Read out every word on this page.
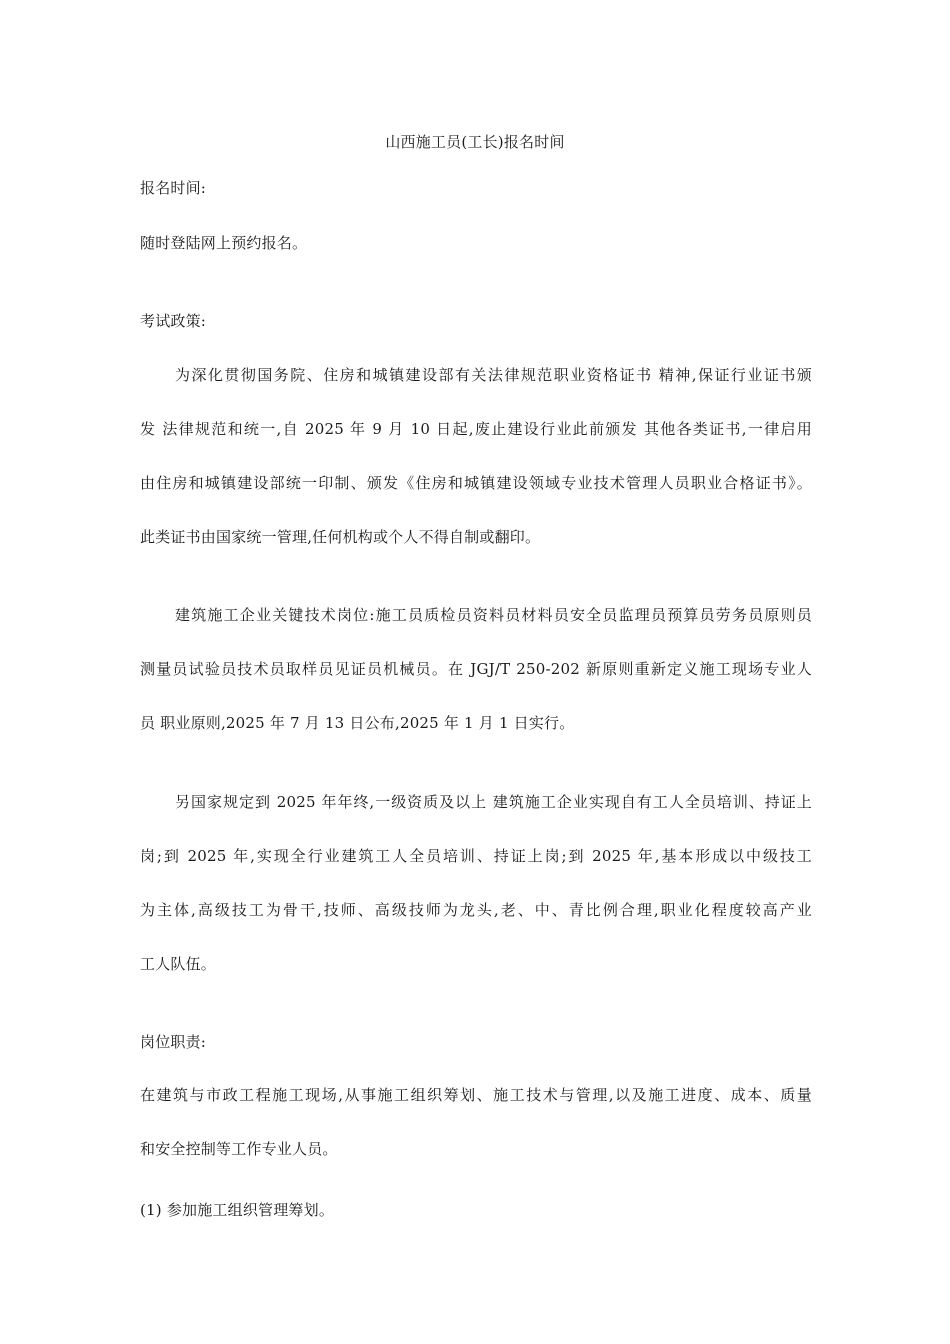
山西施工员(工长)报名时间
报名时间:
随时登陆网上预约报名。
考试政策:
为深化贯彻国务院、住房和城镇建设部有关法律规范职业资格证书 精神,保证行业证书颁
发 法律规范和统一,自 2025 年 9 月 10 日起,废止建设行业此前颁发 其他各类证书,一律启用
由住房和城镇建设部统一印制、颁发《住房和城镇建设领域专业技术管理人员职业合格证书》。
此类证书由国家统一管理,任何机构或个人不得自制或翻印。
建筑施工企业关键技术岗位:施工员质检员资料员材料员安全员监理员预算员劳务员原则员
测量员试验员技术员取样员见证员机械员。在 JGJ/T 250-202 新原则重新定义施工现场专业人
员 职业原则,2025 年 7 月 13 日公布,2025 年 1 月 1 日实行。
另国家规定到 2025 年年终,一级资质及以上 建筑施工企业实现自有工人全员培训、持证上
岗;到 2025 年,实现全行业建筑工人全员培训、持证上岗;到 2025 年,基本形成以中级技工
为主体,高级技工为骨干,技师、高级技师为龙头,老、中、青比例合理,职业化程度较高产业
工人队伍。
岗位职责:
在建筑与市政工程施工现场,从事施工组织筹划、施工技术与管理,以及施工进度、成本、质量
和安全控制等工作专业人员。
(1) 参加施工组织管理筹划。
